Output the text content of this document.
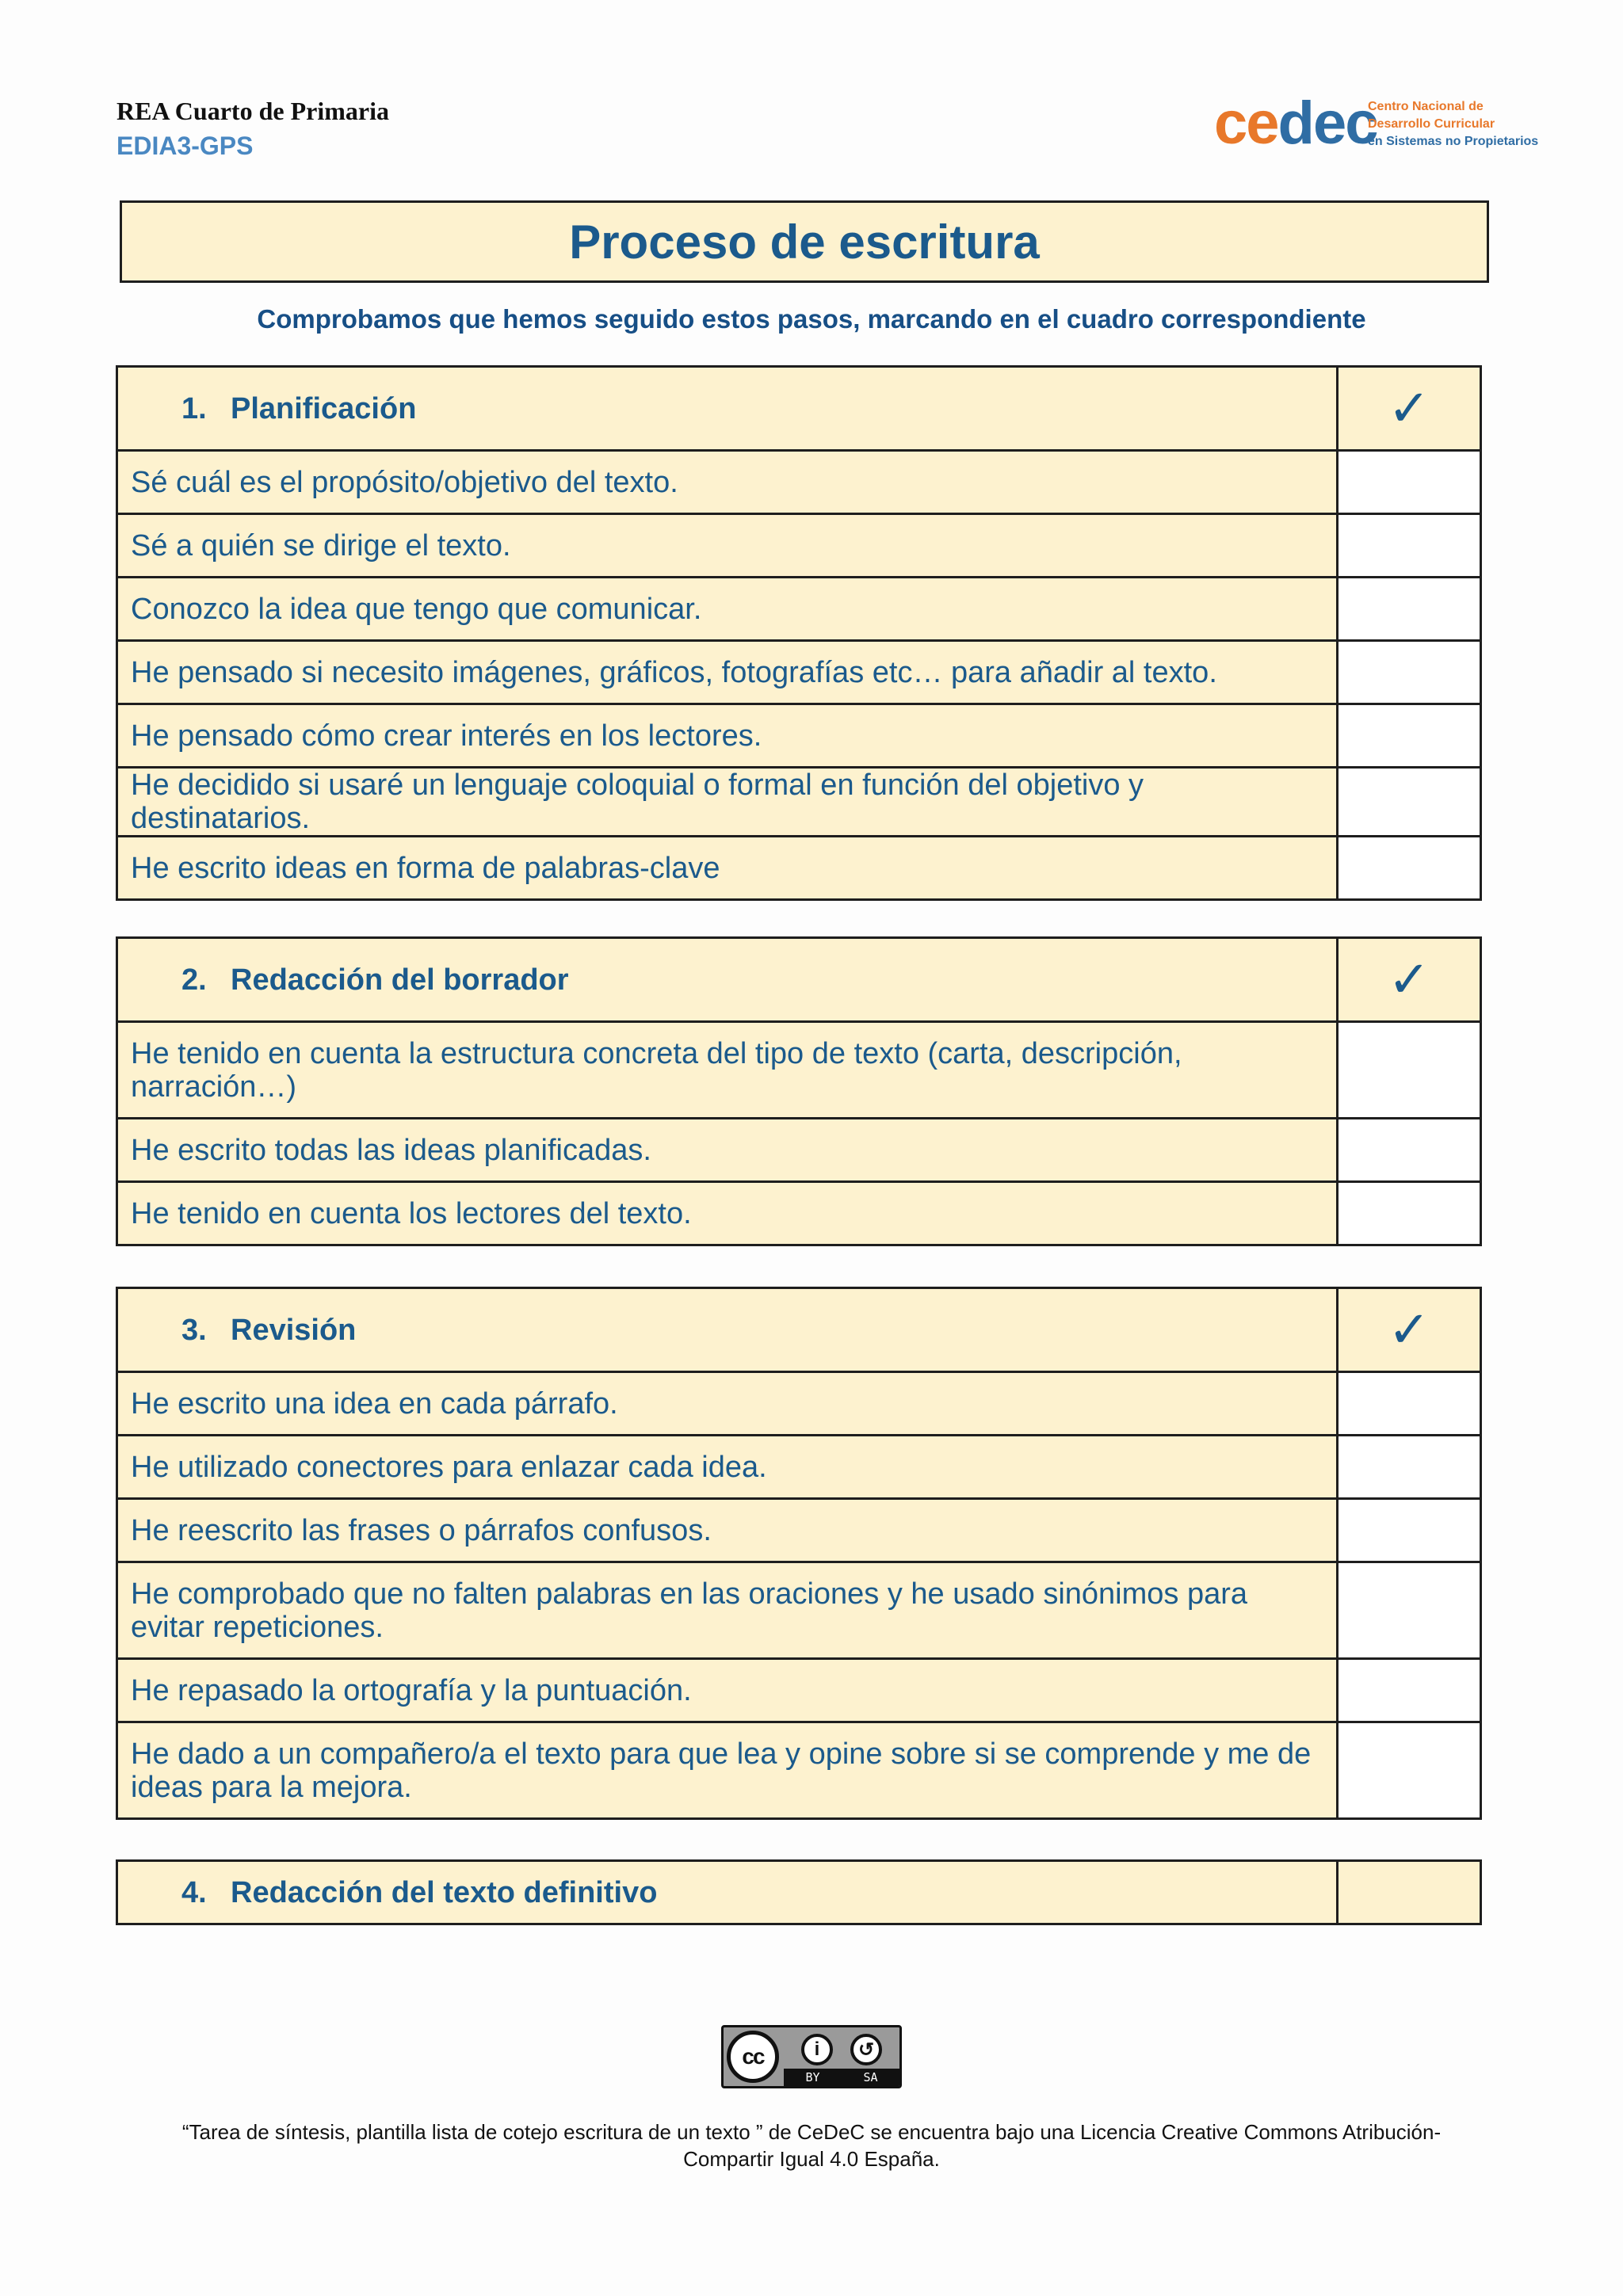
REA Cuarto de Primaria
EDIA3-GPS	cedec
Centro Nacional de
Desarrollo Curricular
en Sistemas no Propietarios
Proceso de escritura
Comprobamos que hemos seguido estos pasos, marcando en el cuadro correspondiente
1. Planificación	✓
Sé cuál es el propósito/objetivo del texto.	
Sé a quién se dirige el texto.	
Conozco la idea que tengo que comunicar.	
He pensado si necesito imágenes, gráficos, fotografías etc… para añadir al texto.	
He pensado cómo crear interés en los lectores.	
He decidido si usaré un lenguaje coloquial o formal en función del objetivo y destinatarios.	
He escrito ideas en forma de palabras-clave	
2. Redacción del borrador	✓
He tenido en cuenta la estructura concreta del tipo de texto (carta, descripción, narración…)	
He escrito todas las ideas planificadas.	
He tenido en cuenta los lectores del texto.	
3. Revisión	✓
He escrito una idea en cada párrafo.	
He utilizado conectores para enlazar cada idea.	
He reescrito las frases o párrafos confusos.	
He comprobado que no falten palabras en las oraciones y he usado sinónimos para evitar repeticiones.	
He repasado la ortografía y la puntuación.	
He dado a un compañero/a el texto para que lea y opine sobre si se comprende y me de ideas para la mejora.	
4. Redacción del texto definitivo	
cc	i	↺
BY	SA
“Tarea de síntesis, plantilla lista de cotejo escritura de un texto ” de CeDeC se encuentra bajo una Licencia Creative Commons Atribución-
Compartir Igual 4.0 España.
